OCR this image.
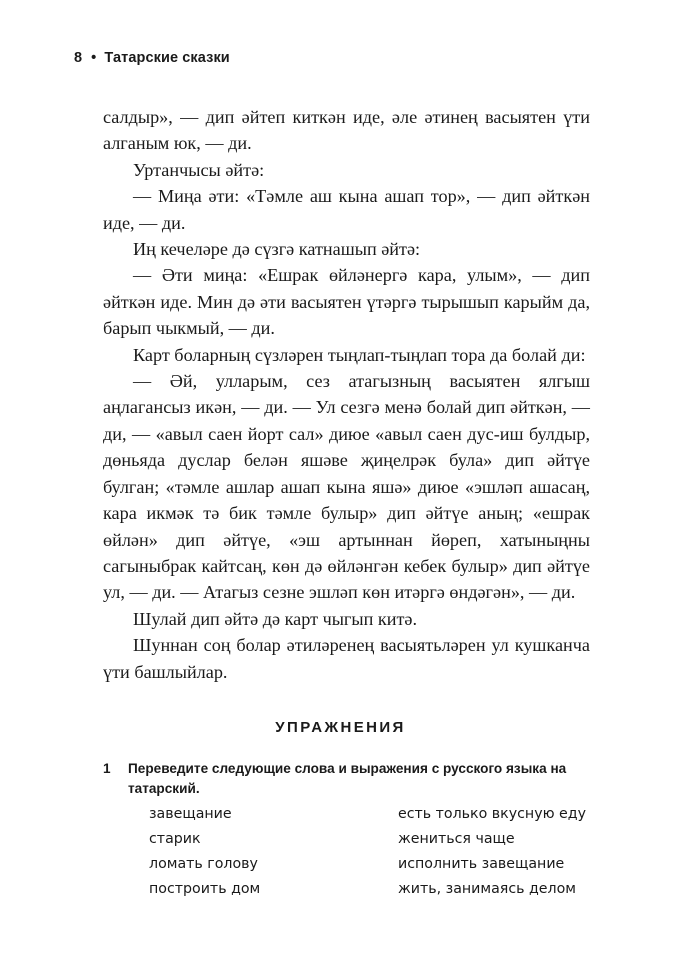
8 • Татарские сказки

салдыр», — дип әйтеп киткән иде, әле әтинең васыятен үти алганым юк, — ди.

Уртанчысы әйтә:

— Миңа әти: «Тәмле аш кына ашап тор», — дип әйткән иде, — ди.

Иң кечеләре дә сүзгә катнашып әйтә:

— Әти миңа: «Ешрак өйләнергә кара, улым», — дип әйткән иде. Мин дә әти васыятен үтәргә тырышып карыйм да, барып чыкмый, — ди.

Карт боларның сүзләрен тыңлап-тыңлап тора да болай ди:

— Әй, улларым, сез атагызның васыятен ялгыш аңлагансыз икән, — ди. — Ул сезгә менә болай дип әйткән, — ди, — «авыл саен йорт сал» диюе «авыл саен дус-иш булдыр, дөньяда дуслар белән яшәве җиңелрәк була» дип әйтүе булган; «тәмле ашлар ашап кына яшә» диюе «эшләп ашасаң, кара икмәк тә бик тәмле булыр» дип әйтүе аның; «ешрак өйлән» дип әйтүе, «эш артыннан йөреп, хатыныңны сагыныбрак кайтсаң, көн дә өйләнгән кебек булыр» дип әйтүе ул, — ди. — Атагыз сезне эшләп көн итәргә өндәгән», — ди.

Шулай дип әйтә дә карт чыгып китә.

Шуннан соң болар әтиләренең васыятьләрен ул кушканча үти башлыйлар.

УПРАЖНЕНИЯ
1 Переведите следующие слова и выражения с русского языка на татарский.
завещание
старик
ломать голову
построить дом
есть только вкусную еду
жениться чаще
исполнить завещание
жить, занимаясь делом
